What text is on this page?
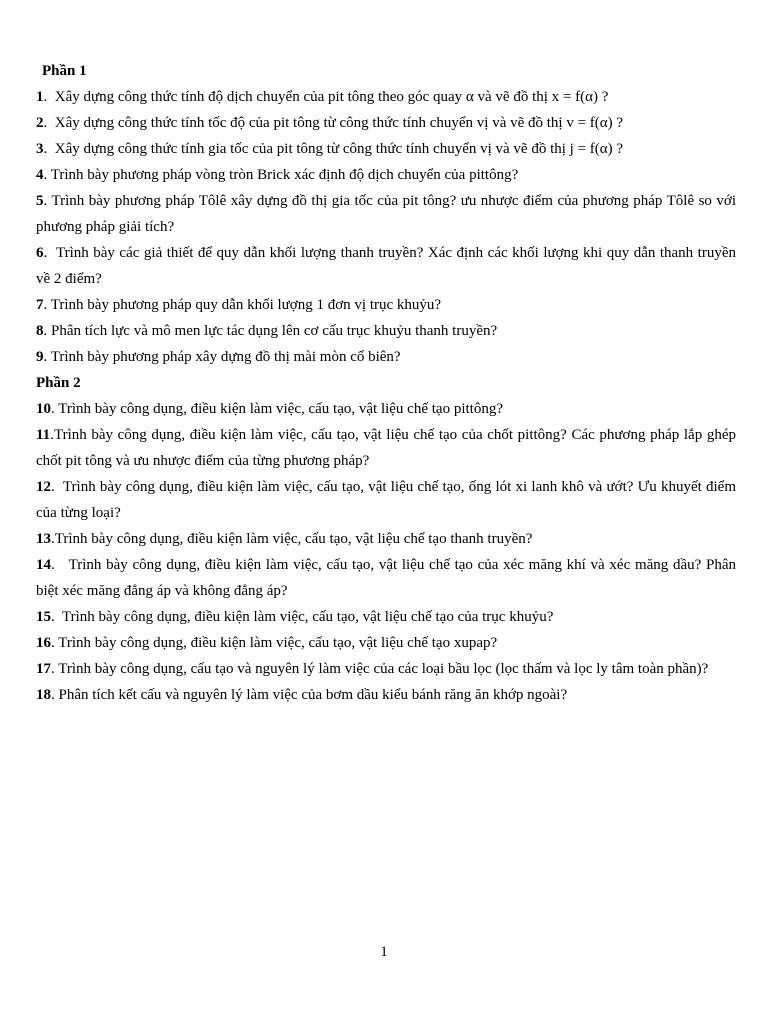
Phần 1

1.  Xây dựng công thức tính độ dịch chuyển của pit tông theo góc quay α và vẽ đồ thị x = f(α) ?

2.  Xây dựng công thức tính tốc độ của pit tông từ công thức tính chuyển vị và vẽ đồ thị v = f(α) ?

3.  Xây dựng công thức tính gia tốc của pit tông từ công thức tính chuyển vị và vẽ đồ thị j = f(α) ?

4. Trình bày phương pháp vòng tròn Brick xác định độ dịch chuyển của pittông?

5. Trình bày phương pháp Tôlê xây dựng đồ thị gia tốc của pit tông? ưu nhược điểm của phương pháp Tôlê so với phương pháp giải tích?

6.  Trình bày các giả thiết để quy dẫn khối lượng thanh truyền? Xác định các khối lượng khi quy dẫn thanh truyền về 2 điểm?

7. Trình bày phương pháp quy dẫn khối lượng 1 đơn vị trục khuỷu?

8. Phân tích lực và mô men lực tác dụng lên cơ cấu trục khuỷu thanh truyền?

9. Trình bày phương pháp xây dựng đồ thị mài mòn cổ biên?

Phần 2

10. Trình bày công dụng, điều kiện làm việc, cấu tạo, vật liệu chế tạo pittông?

11.Trình bày công dụng, điều kiện làm việc, cấu tạo, vật liệu chế tạo của chốt pittông? Các phương pháp lắp ghép chốt pit tông và ưu nhược điểm của từng phương pháp?

12.  Trình bày công dụng, điều kiện làm việc, cấu tạo, vật liệu chế tạo, ống lót xi lanh khô và ướt? Ưu khuyết điểm của từng loại?

13.Trình bày công dụng, điều kiện làm việc, cấu tạo, vật liệu chế tạo thanh truyền?

14.   Trình bày công dụng, điều kiện làm việc, cấu tạo, vật liệu chế tạo của xéc măng khí và xéc măng dầu? Phân biệt xéc măng đẳng áp và không đẳng áp?

15.  Trình bày công dụng, điều kiện làm việc, cấu tạo, vật liệu chế tạo của trục khuỷu?

16. Trình bày công dụng, điều kiện làm việc, cấu tạo, vật liệu chế tạo xupap?

17. Trình bày công dụng, cấu tạo và nguyên lý làm việc của các loại bầu lọc (lọc thấm và lọc ly tâm toàn phần)?

18. Phân tích kết cấu và nguyên lý làm việc của bơm dầu kiểu bánh răng ăn khớp ngoài?

1
